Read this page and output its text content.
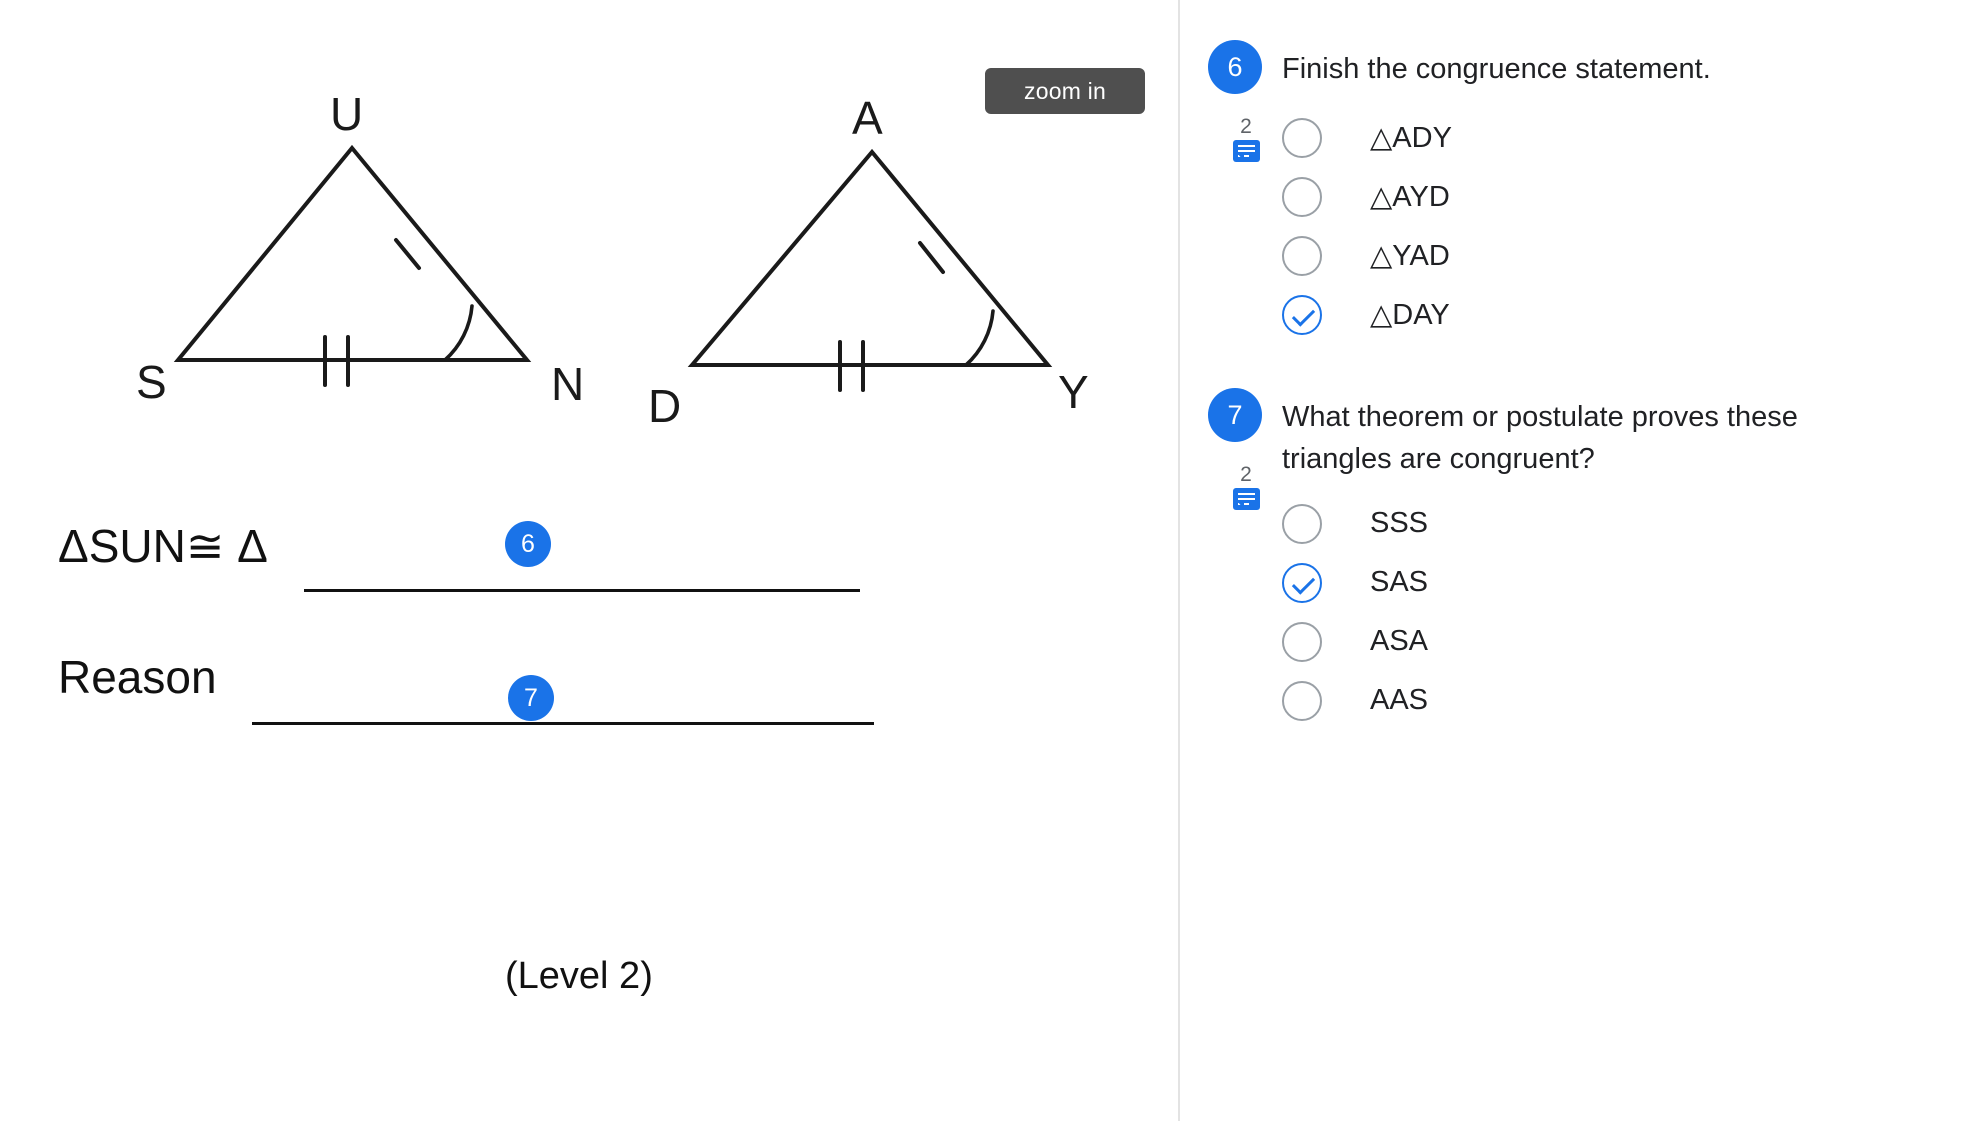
U
S	N
A
D	Y
ΔSUN≅ Δ
Reason
(Level 2)
6
7
zoom in
6	Finish the congruence statement.
2	△ADY
△AYD
△YAD
△DAY
7	What theorem or postulate proves these triangles are congruent?
2
SSS
SAS
ASA
AAS
